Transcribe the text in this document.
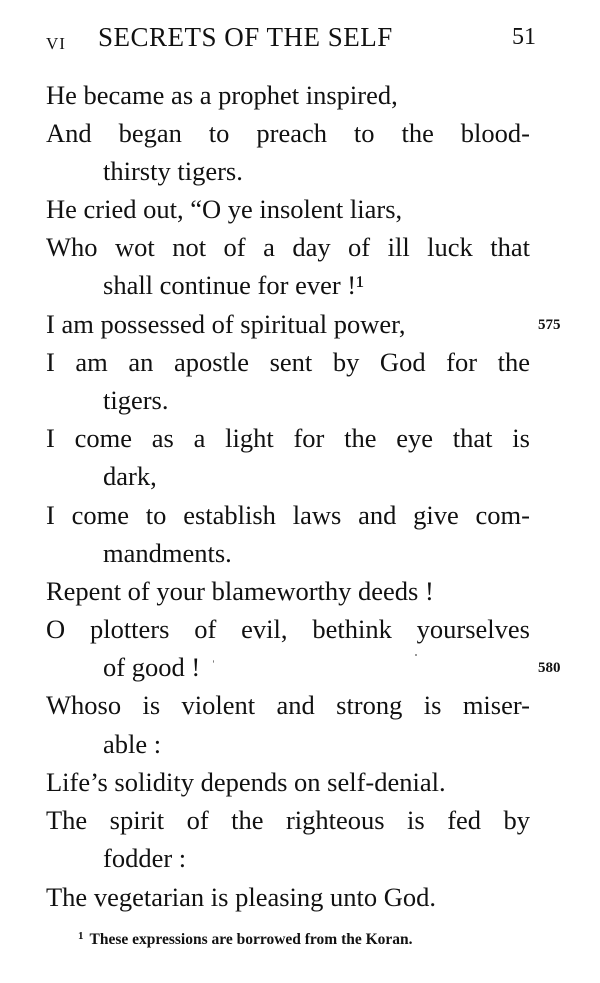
VI SECRETS OF THE SELF	51
He became as a prophet inspired,
And began to preach to the blood-
thirsty tigers.
He cried out, “O ye insolent liars,
Who wot not of a day of ill luck that
shall continue for ever !¹
I am possessed of spiritual power,	575
I am an apostle sent by God for the
tigers.
I come as a light for the eye that is
dark,
I come to establish laws and give com-
mandments.
Repent of your blameworthy deeds !
O plotters of evil, bethink yourselves
of good !	580
Whoso is violent and strong is miser-
able :
Life’s solidity depends on self-denial.
The spirit of the righteous is fed by
fodder :
The vegetarian is pleasing unto God.
$^1$ These expressions are borrowed from the Koran.
